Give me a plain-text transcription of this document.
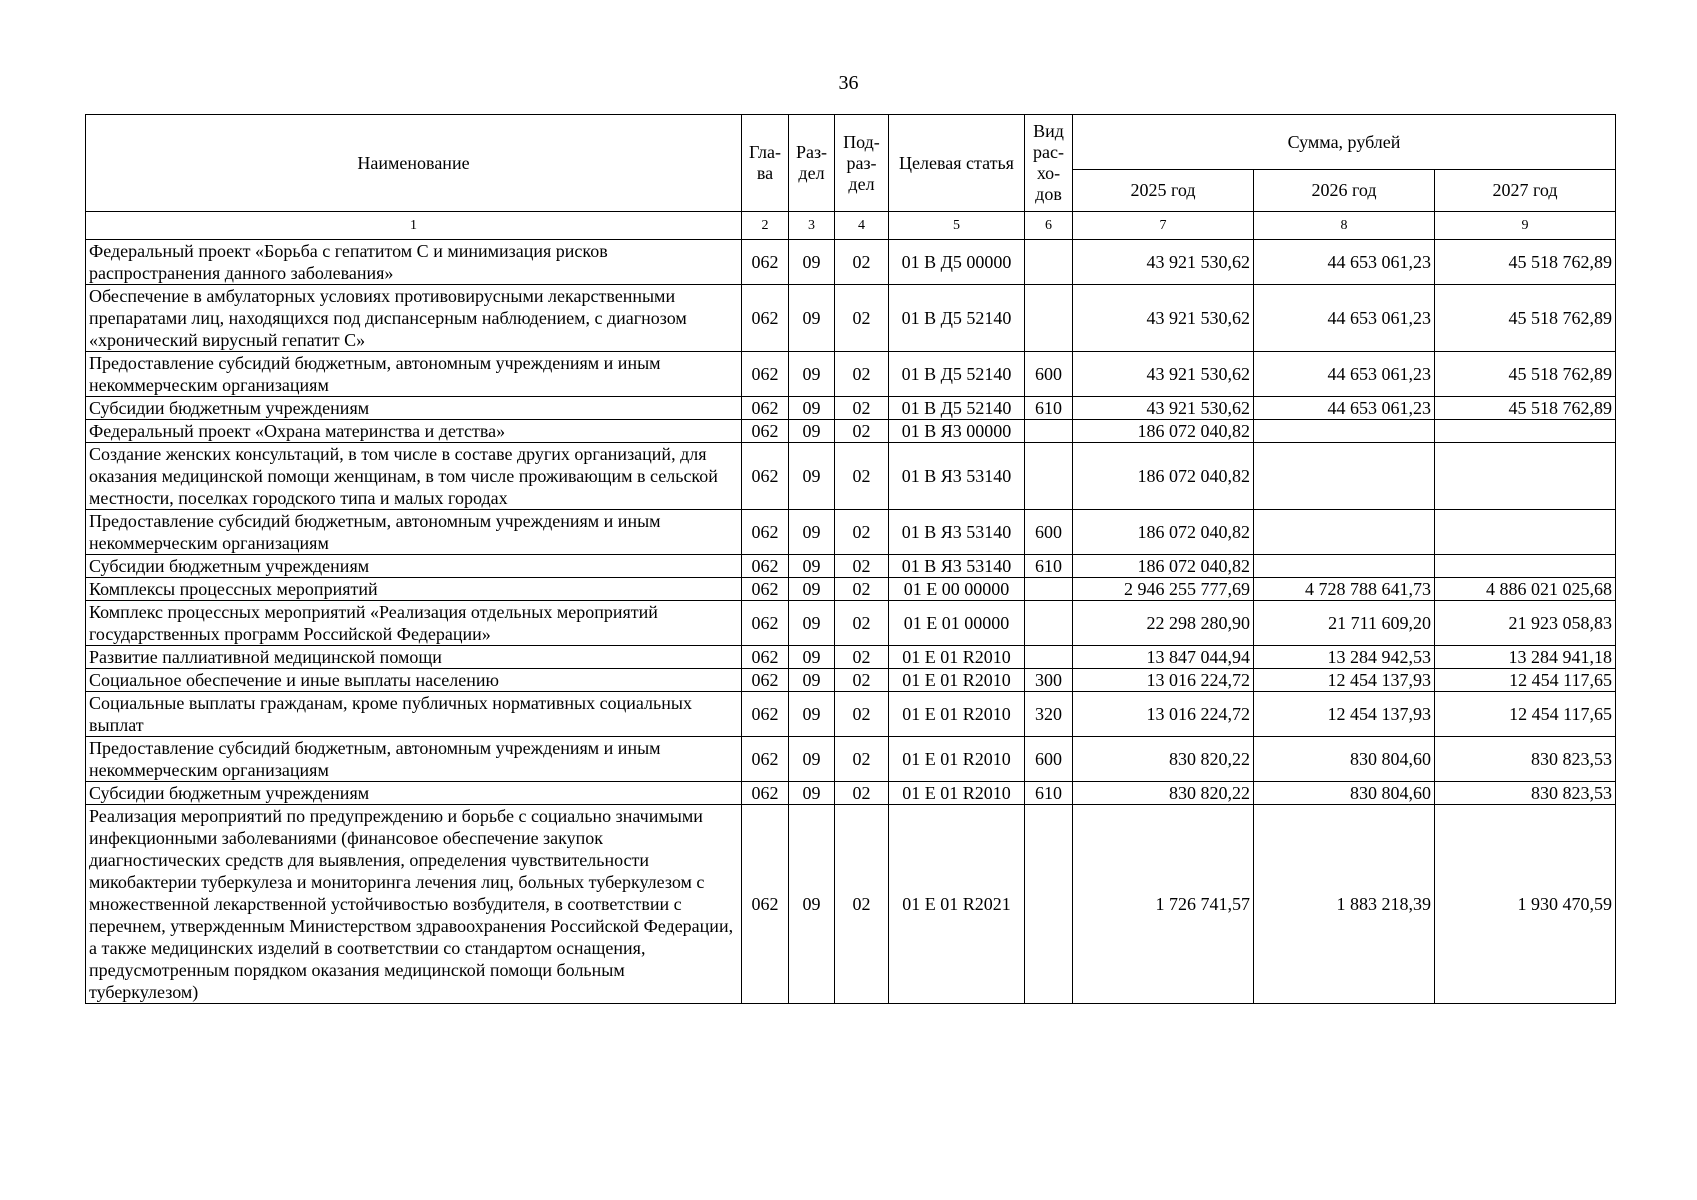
36
Наименование	Гла-ва	Раз-дел	Под-раз-дел	Целевая статья	Вид рас-хо-дов	Сумма, рублей		
						2025 год	2026 год	2027 год
1	2	3	4	5	6	7	8	9
Федеральный проект «Борьба с гепатитом С и минимизация рисков распространения данного заболевания»	062	09	02	01 В Д5 00000		43 921 530,62	44 653 061,23	45 518 762,89
Обеспечение в амбулаторных условиях противовирусными лекарственными препаратами лиц, находящихся под диспансерным наблюдением, с диагнозом «хронический вирусный гепатит С»	062	09	02	01 В Д5 52140		43 921 530,62	44 653 061,23	45 518 762,89
Предоставление субсидий бюджетным, автономным учреждениям и иным некоммерческим организациям	062	09	02	01 В Д5 52140	600	43 921 530,62	44 653 061,23	45 518 762,89
Субсидии бюджетным учреждениям	062	09	02	01 В Д5 52140	610	43 921 530,62	44 653 061,23	45 518 762,89
Федеральный проект «Охрана материнства и детства»	062	09	02	01 В Я3 00000		186 072 040,82		
Создание женских консультаций, в том числе в составе других организаций, для оказания медицинской помощи женщинам, в том числе проживающим в сельской местности, поселках городского типа и малых городах	062	09	02	01 В Я3 53140		186 072 040,82		
Предоставление субсидий бюджетным, автономным учреждениям и иным некоммерческим организациям	062	09	02	01 В Я3 53140	600	186 072 040,82		
Субсидии бюджетным учреждениям	062	09	02	01 В Я3 53140	610	186 072 040,82		
Комплексы процессных мероприятий	062	09	02	01 Е 00 00000		2 946 255 777,69	4 728 788 641,73	4 886 021 025,68
Комплекс процессных мероприятий «Реализация отдельных мероприятий государственных программ Российской Федерации»	062	09	02	01 Е 01 00000		22 298 280,90	21 711 609,20	21 923 058,83
Развитие паллиативной медицинской помощи	062	09	02	01 Е 01 R2010		13 847 044,94	13 284 942,53	13 284 941,18
Социальное обеспечение и иные выплаты населению	062	09	02	01 Е 01 R2010	300	13 016 224,72	12 454 137,93	12 454 117,65
Социальные выплаты гражданам, кроме публичных нормативных социальных выплат	062	09	02	01 Е 01 R2010	320	13 016 224,72	12 454 137,93	12 454 117,65
Предоставление субсидий бюджетным, автономным учреждениям и иным некоммерческим организациям	062	09	02	01 Е 01 R2010	600	830 820,22	830 804,60	830 823,53
Субсидии бюджетным учреждениям	062	09	02	01 Е 01 R2010	610	830 820,22	830 804,60	830 823,53
Реализация мероприятий по предупреждению и борьбе с социально значимыми инфекционными заболеваниями (финансовое обеспечение закупок диагностических средств для выявления, определения чувствительности микобактерии туберкулеза и мониторинга лечения лиц, больных туберкулезом с множественной лекарственной устойчивостью возбудителя, в соответствии с перечнем, утвержденным Министерством здравоохранения Российской Федерации, а также медицинских изделий в соответствии со стандартом оснащения, предусмотренным порядком оказания медицинской помощи больным туберкулезом)	062	09	02	01 Е 01 R2021		1 726 741,57	1 883 218,39	1 930 470,59
